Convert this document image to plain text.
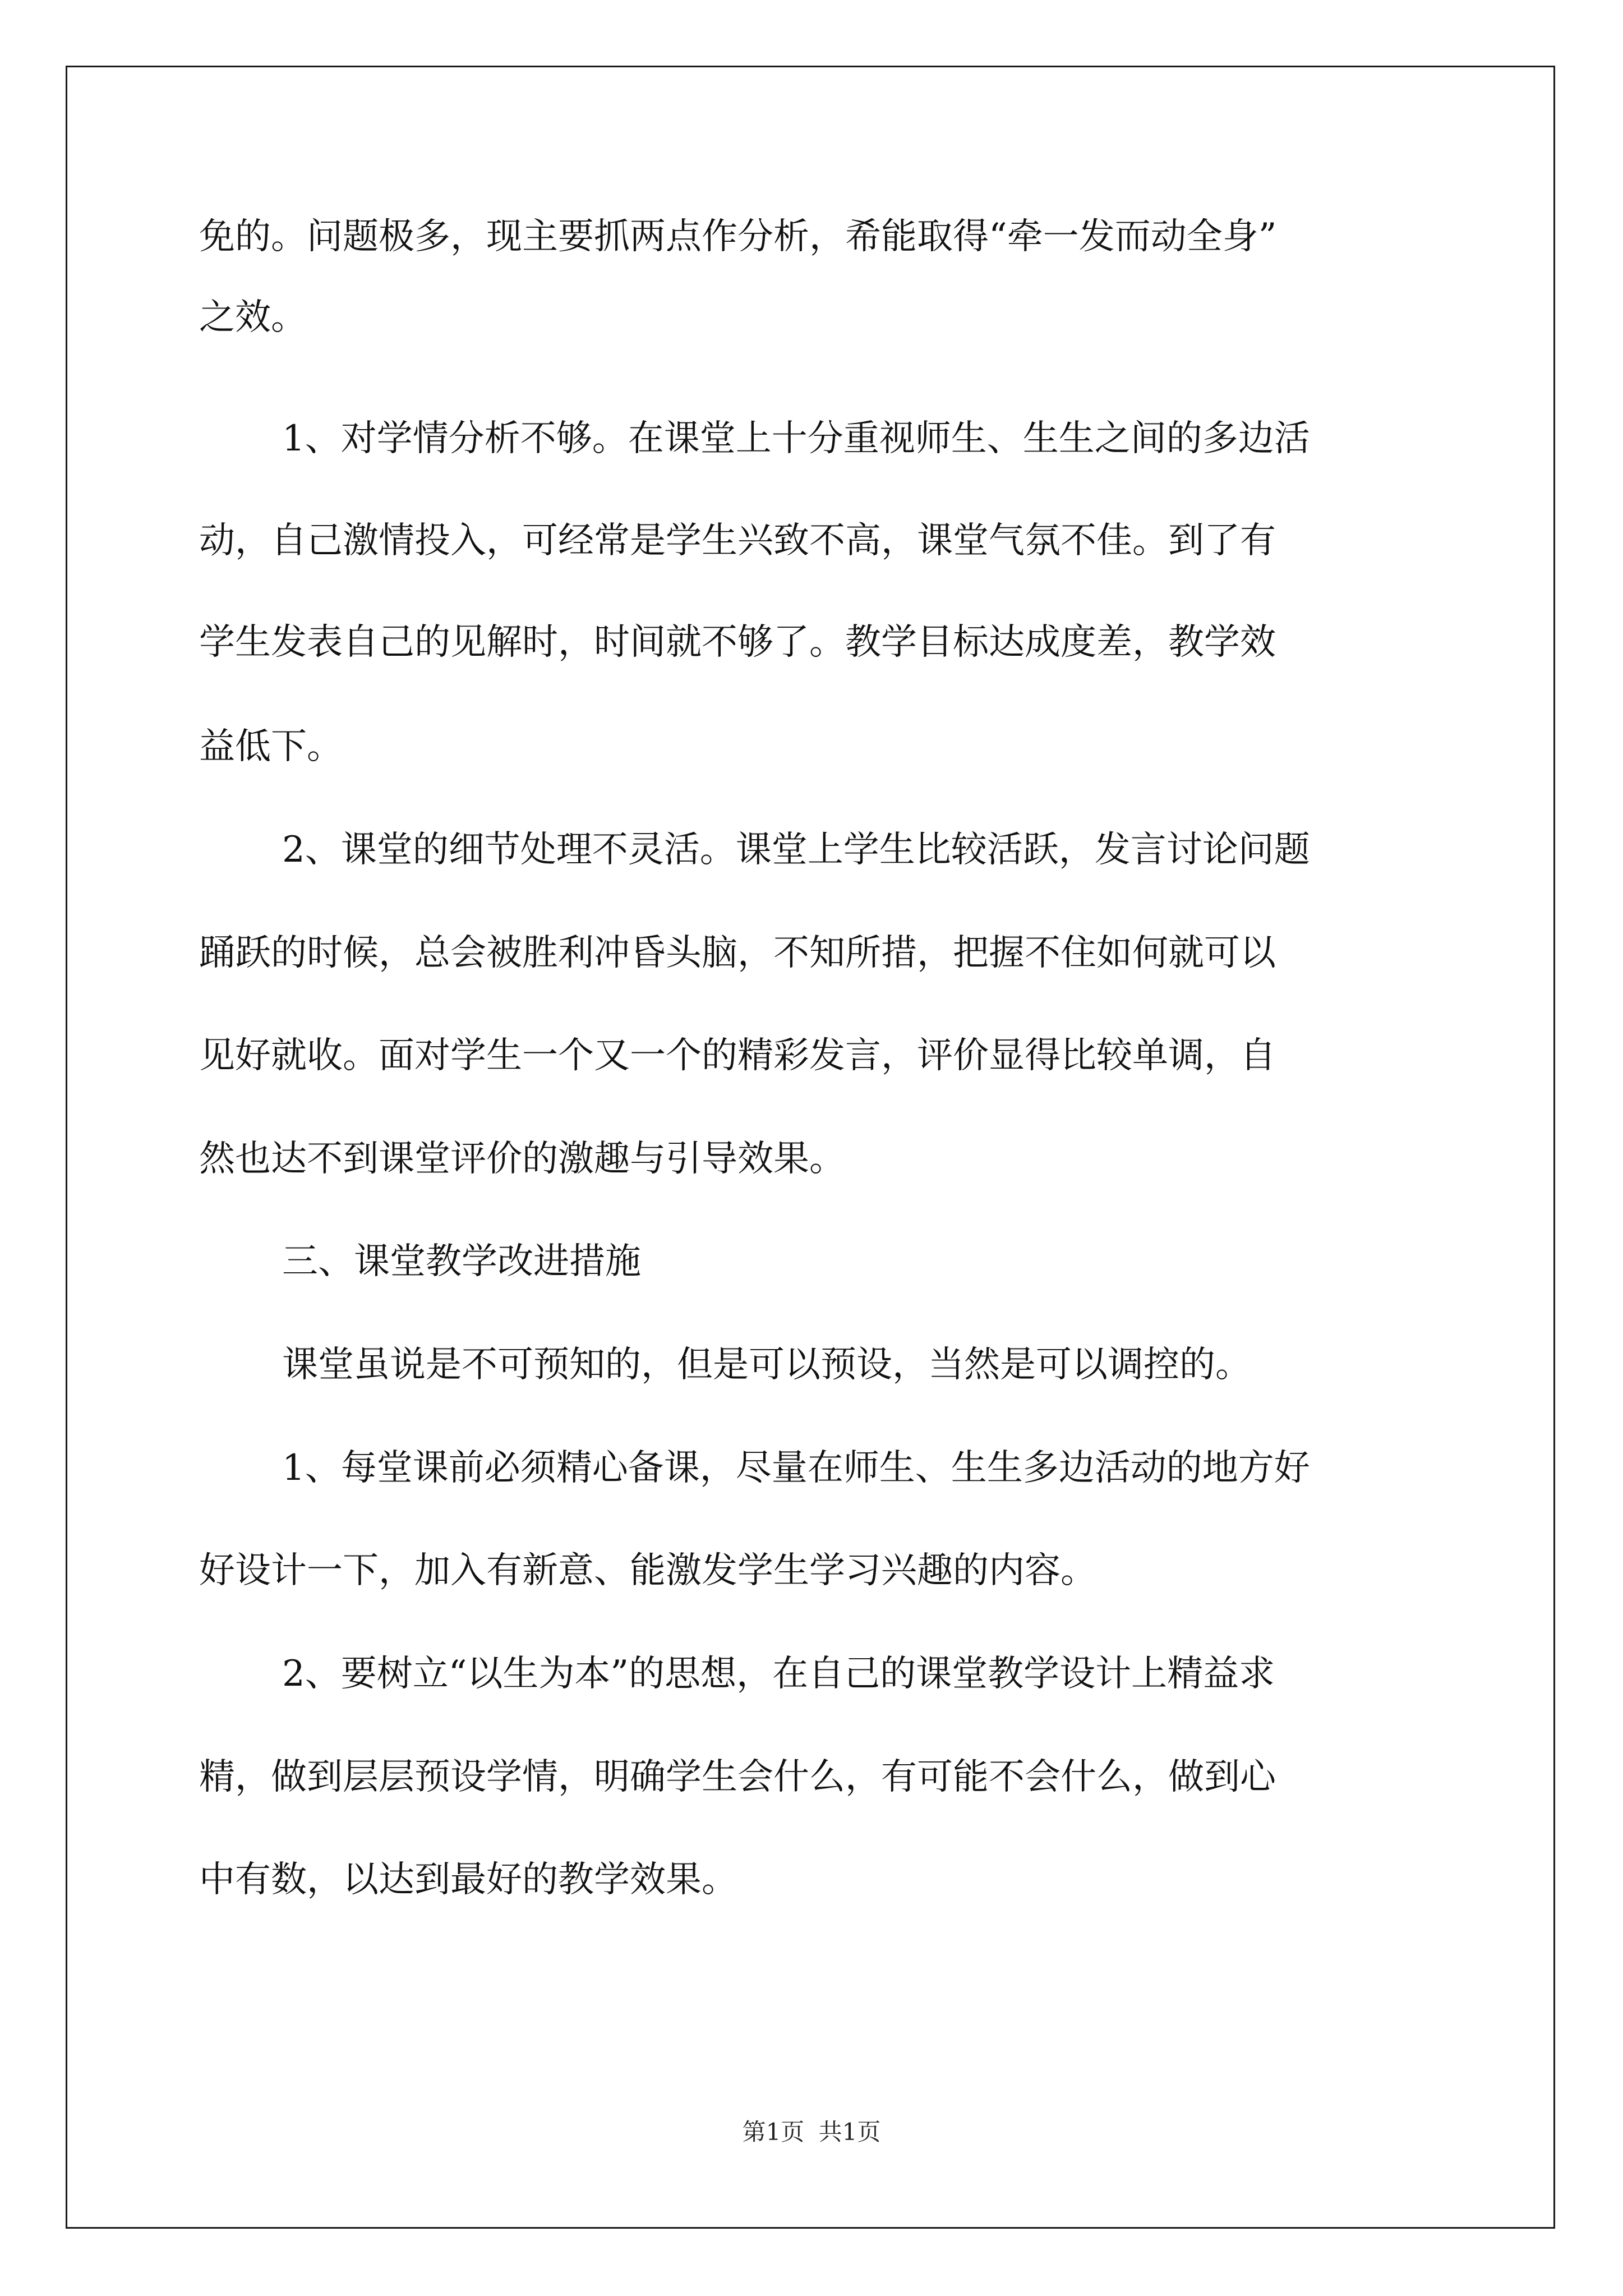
免的。问题极多，现主要抓两点作分析，希能取得“牵一发而动全身”
之效。
1、对学情分析不够。在课堂上十分重视师生、生生之间的多边活
动，自己激情投入，可经常是学生兴致不高，课堂气氛不佳。到了有
学生发表自己的见解时，时间就不够了。教学目标达成度差，教学效
益低下。
2、课堂的细节处理不灵活。课堂上学生比较活跃，发言讨论问题
踊跃的时候，总会被胜利冲昏头脑，不知所措，把握不住如何就可以
见好就收。面对学生一个又一个的精彩发言，评价显得比较单调，自
然也达不到课堂评价的激趣与引导效果。
三、课堂教学改进措施
课堂虽说是不可预知的，但是可以预设，当然是可以调控的。
1、每堂课前必须精心备课，尽量在师生、生生多边活动的地方好
好设计一下，加入有新意、能激发学生学习兴趣的内容。
2、要树立“以生为本”的思想，在自己的课堂教学设计上精益求
精，做到层层预设学情，明确学生会什么，有可能不会什么，做到心
中有数，以达到最好的教学效果。
第1页 共1页
